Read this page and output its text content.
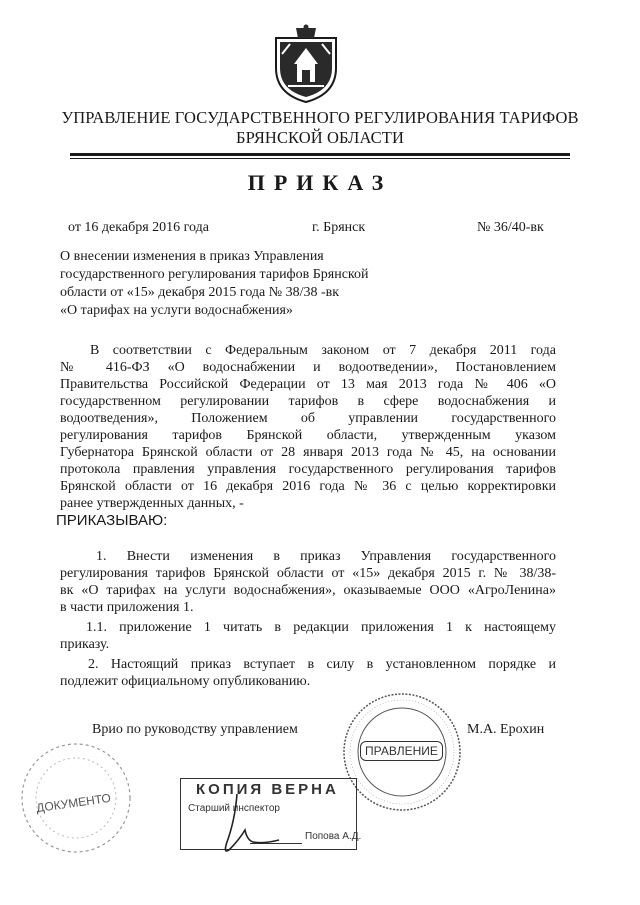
УПРАВЛЕНИЕ ГОСУДАРСТВЕННОГО РЕГУЛИРОВАНИЯ ТАРИФОВ
БРЯНСКОЙ ОБЛАСТИ
ПРИКАЗ
от 16 декабря 2016 года	г. Брянск	№ 36/40-вк
О внесении изменения в приказ Управления
государственного регулирования тарифов Брянской
области от «15» декабря 2015 года № 38/38 -вк
«О тарифах на услуги водоснабжения»
В соответствии с Федеральным законом от 7 декабря 2011 года
№ 416-ФЗ «О водоснабжении и водоотведении», Постановлением
Правительства Российской Федерации от 13 мая 2013 года № 406 «О
государственном регулировании тарифов в сфере водоснабжения и
водоотведения», Положением об управлении государственного
регулирования тарифов Брянской области, утвержденным указом
Губернатора Брянской области от 28 января 2013 года № 45, на основании
протокола правления управления государственного регулирования тарифов
Брянской области от 16 декабря 2016 года № 36 с целью корректировки
ранее утвержденных данных, -
ПРИКАЗЫВАЮ:
1. Внести изменения в приказ Управления государственного
регулирования тарифов Брянской области от «15» декабря 2015 г. № 38/38-
вк «О тарифах на услуги водоснабжения», оказываемые ООО «АгроЛенина»
в части приложения 1.
1.1. приложение 1 читать в редакции приложения 1 к настоящему
приказу.
2. Настоящий приказ вступает в силу в установленном порядке и
подлежит официальному опубликованию.
Врио по руководству управлением	М.А. Ерохин
ПРАВЛЕНИЕ
ДОКУМЕНТО
КОПИЯ ВЕРНА
Старший инспектор
Попова А.Д.
